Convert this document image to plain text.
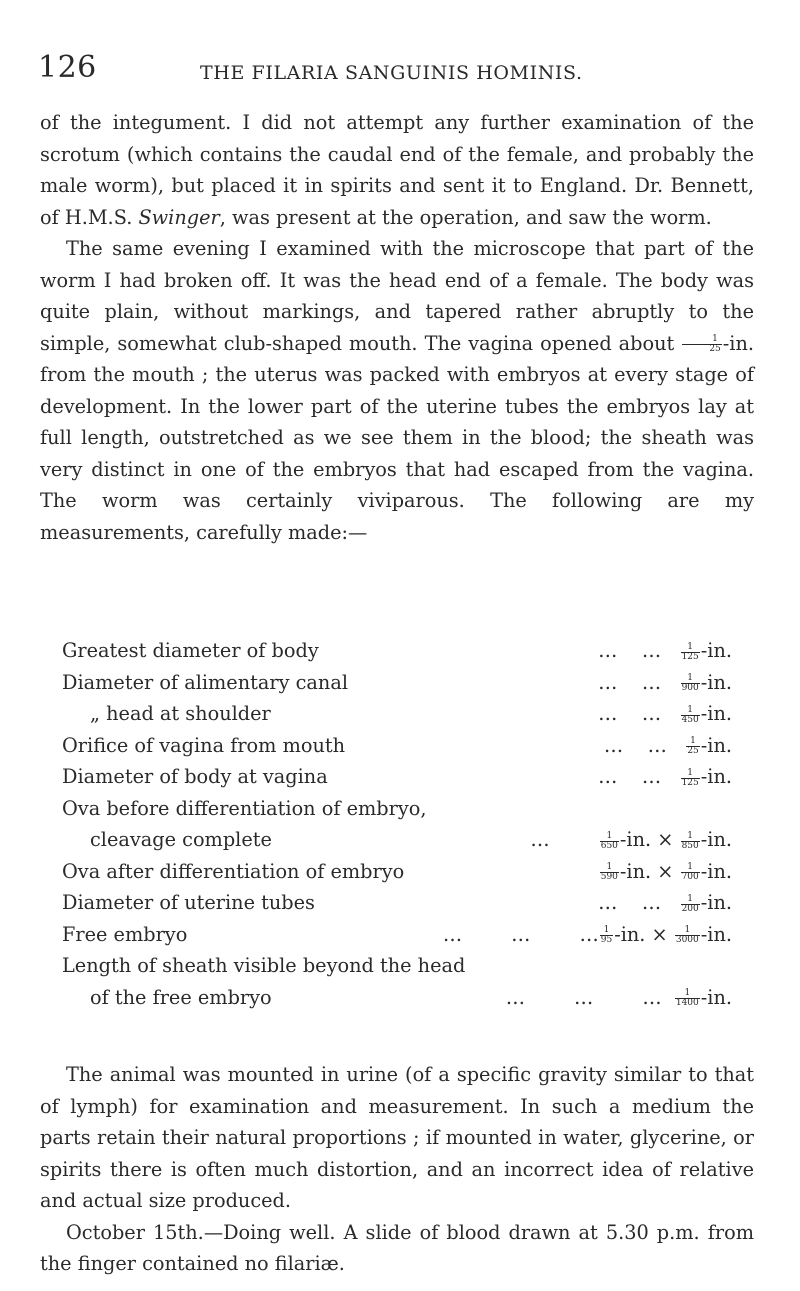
126	THE FILARIA SANGUINIS HOMINIS.

of the integument. I did not attempt any further examination of the scrotum (which contains the caudal end of the female, and probably the male worm), but placed it in spirits and sent it to England. Dr. Bennett, of H.M.S. Swinger, was present at the operation, and saw the worm.

The same evening I examined with the microscope that part of the worm I had broken off. It was the head end of a female. The body was quite plain, without markings, and tapered rather abruptly to the simple, somewhat club-shaped mouth. The vagina opened about $\frac{1}{25} -in$. from the mouth ; the uterus was packed with embryos at every stage of development. In the lower part of the uterine tubes the embryos lay at full length, outstretched as we see them in the blood; the sheath was very distinct in one of the embryos that had escaped from the vagina. The worm was certainly viviparous. The following are my measurements, carefully made:—

Greatest diameter of body	…    …   $\frac{1}{125} -in$.
Diameter of alimentary canal	…    …   $\frac{1}{900} -in$.
„ head at shoulder	…    …   $\frac{1}{450} -in$.
Orifice of vagina from mouth	…    …   $\frac{1}{25} -in$.
Diameter of body at vagina	…    …   $\frac{1}{125} -in$.
Ova before differentiation of embryo,
cleavage complete	… $\frac{1}{650} -in$. × $\frac{1}{850} -in$.
Ova after differentiation of embryo	$\frac{1}{590} -in$. × $\frac{1}{700} -in$.
Diameter of uterine tubes	…    …   $\frac{1}{200} -in$.
Free embryo	…        …        … $\frac{1}{95} -in$. × $\frac{1}{3000} -in$.
Length of sheath visible beyond the head
of the free embryo	…        …        … $\frac{1}{1400} -in$.

The animal was mounted in urine (of a specific gravity similar to that of lymph) for examination and measurement. In such a medium the parts retain their natural proportions ; if mounted in water, glycerine, or spirits there is often much distortion, and an incorrect idea of relative and actual size produced.

October 15th.—Doing well. A slide of blood drawn at 5.30 p.m. from the finger contained no filariæ.
